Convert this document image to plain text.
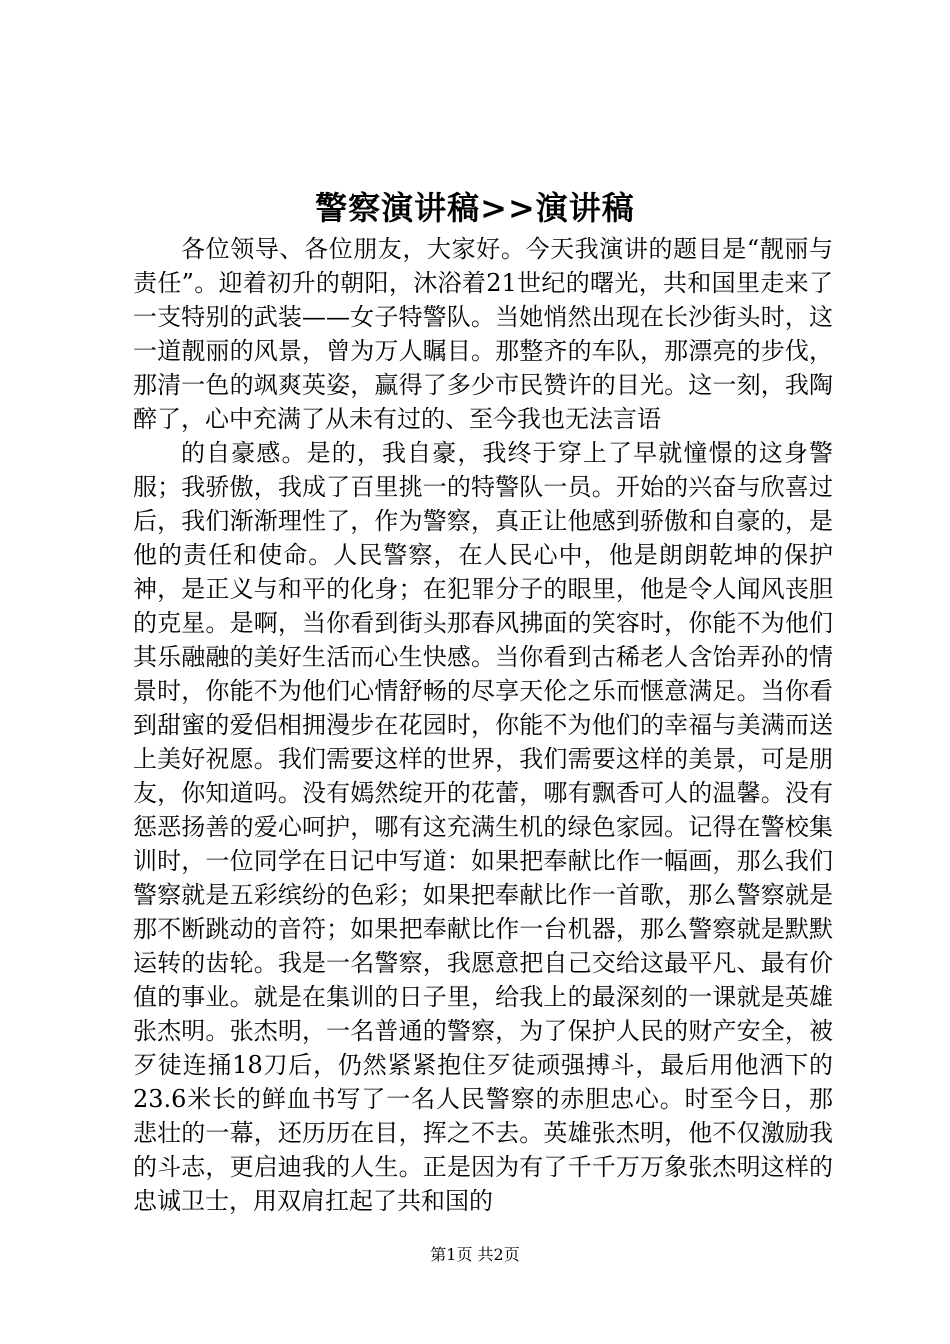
警察演讲稿>>演讲稿

各位领导、各位朋友，大家好。今天我演讲的题目是“靓丽与责任”。迎着初升的朝阳，沐浴着21世纪的曙光，共和国里走来了一支特别的武装——女子特警队。当她悄然出现在长沙街头时，这一道靓丽的风景，曾为万人瞩目。那整齐的车队，那漂亮的步伐，那清一色的飒爽英姿，赢得了多少市民赞许的目光。这一刻，我陶醉了，心中充满了从未有过的、至今我也无法言语

的自豪感。是的，我自豪，我终于穿上了早就憧憬的这身警服；我骄傲，我成了百里挑一的特警队一员。开始的兴奋与欣喜过后，我们渐渐理性了，作为警察，真正让他感到骄傲和自豪的，是他的责任和使命。人民警察，在人民心中，他是朗朗乾坤的保护神，是正义与和平的化身；在犯罪分子的眼里，他是令人闻风丧胆的克星。是啊，当你看到街头那春风拂面的笑容时，你能不为他们其乐融融的美好生活而心生快感。当你看到古稀老人含饴弄孙的情景时，你能不为他们心情舒畅的尽享天伦之乐而惬意满足。当你看到甜蜜的爱侣相拥漫步在花园时，你能不为他们的幸福与美满而送上美好祝愿。我们需要这样的世界，我们需要这样的美景，可是朋友，你知道吗。没有嫣然绽开的花蕾，哪有飘香可人的温馨。没有惩恶扬善的爱心呵护，哪有这充满生机的绿色家园。记得在警校集训时，一位同学在日记中写道：如果把奉献比作一幅画，那么我们警察就是五彩缤纷的色彩；如果把奉献比作一首歌，那么警察就是那不断跳动的音符；如果把奉献比作一台机器，那么警察就是默默运转的齿轮。我是一名警察，我愿意把自己交给这最平凡、最有价值的事业。就是在集训的日子里，给我上的最深刻的一课就是英雄张杰明。张杰明，一名普通的警察，为了保护人民的财产安全，被歹徒连捅18刀后，仍然紧紧抱住歹徒顽强搏斗，最后用他洒下的23.6米长的鲜血书写了一名人民警察的赤胆忠心。时至今日，那悲壮的一幕，还历历在目，挥之不去。英雄张杰明，他不仅激励我的斗志，更启迪我的人生。正是因为有了千千万万象张杰明这样的忠诚卫士，用双肩扛起了共和国的

第1页 共2页
